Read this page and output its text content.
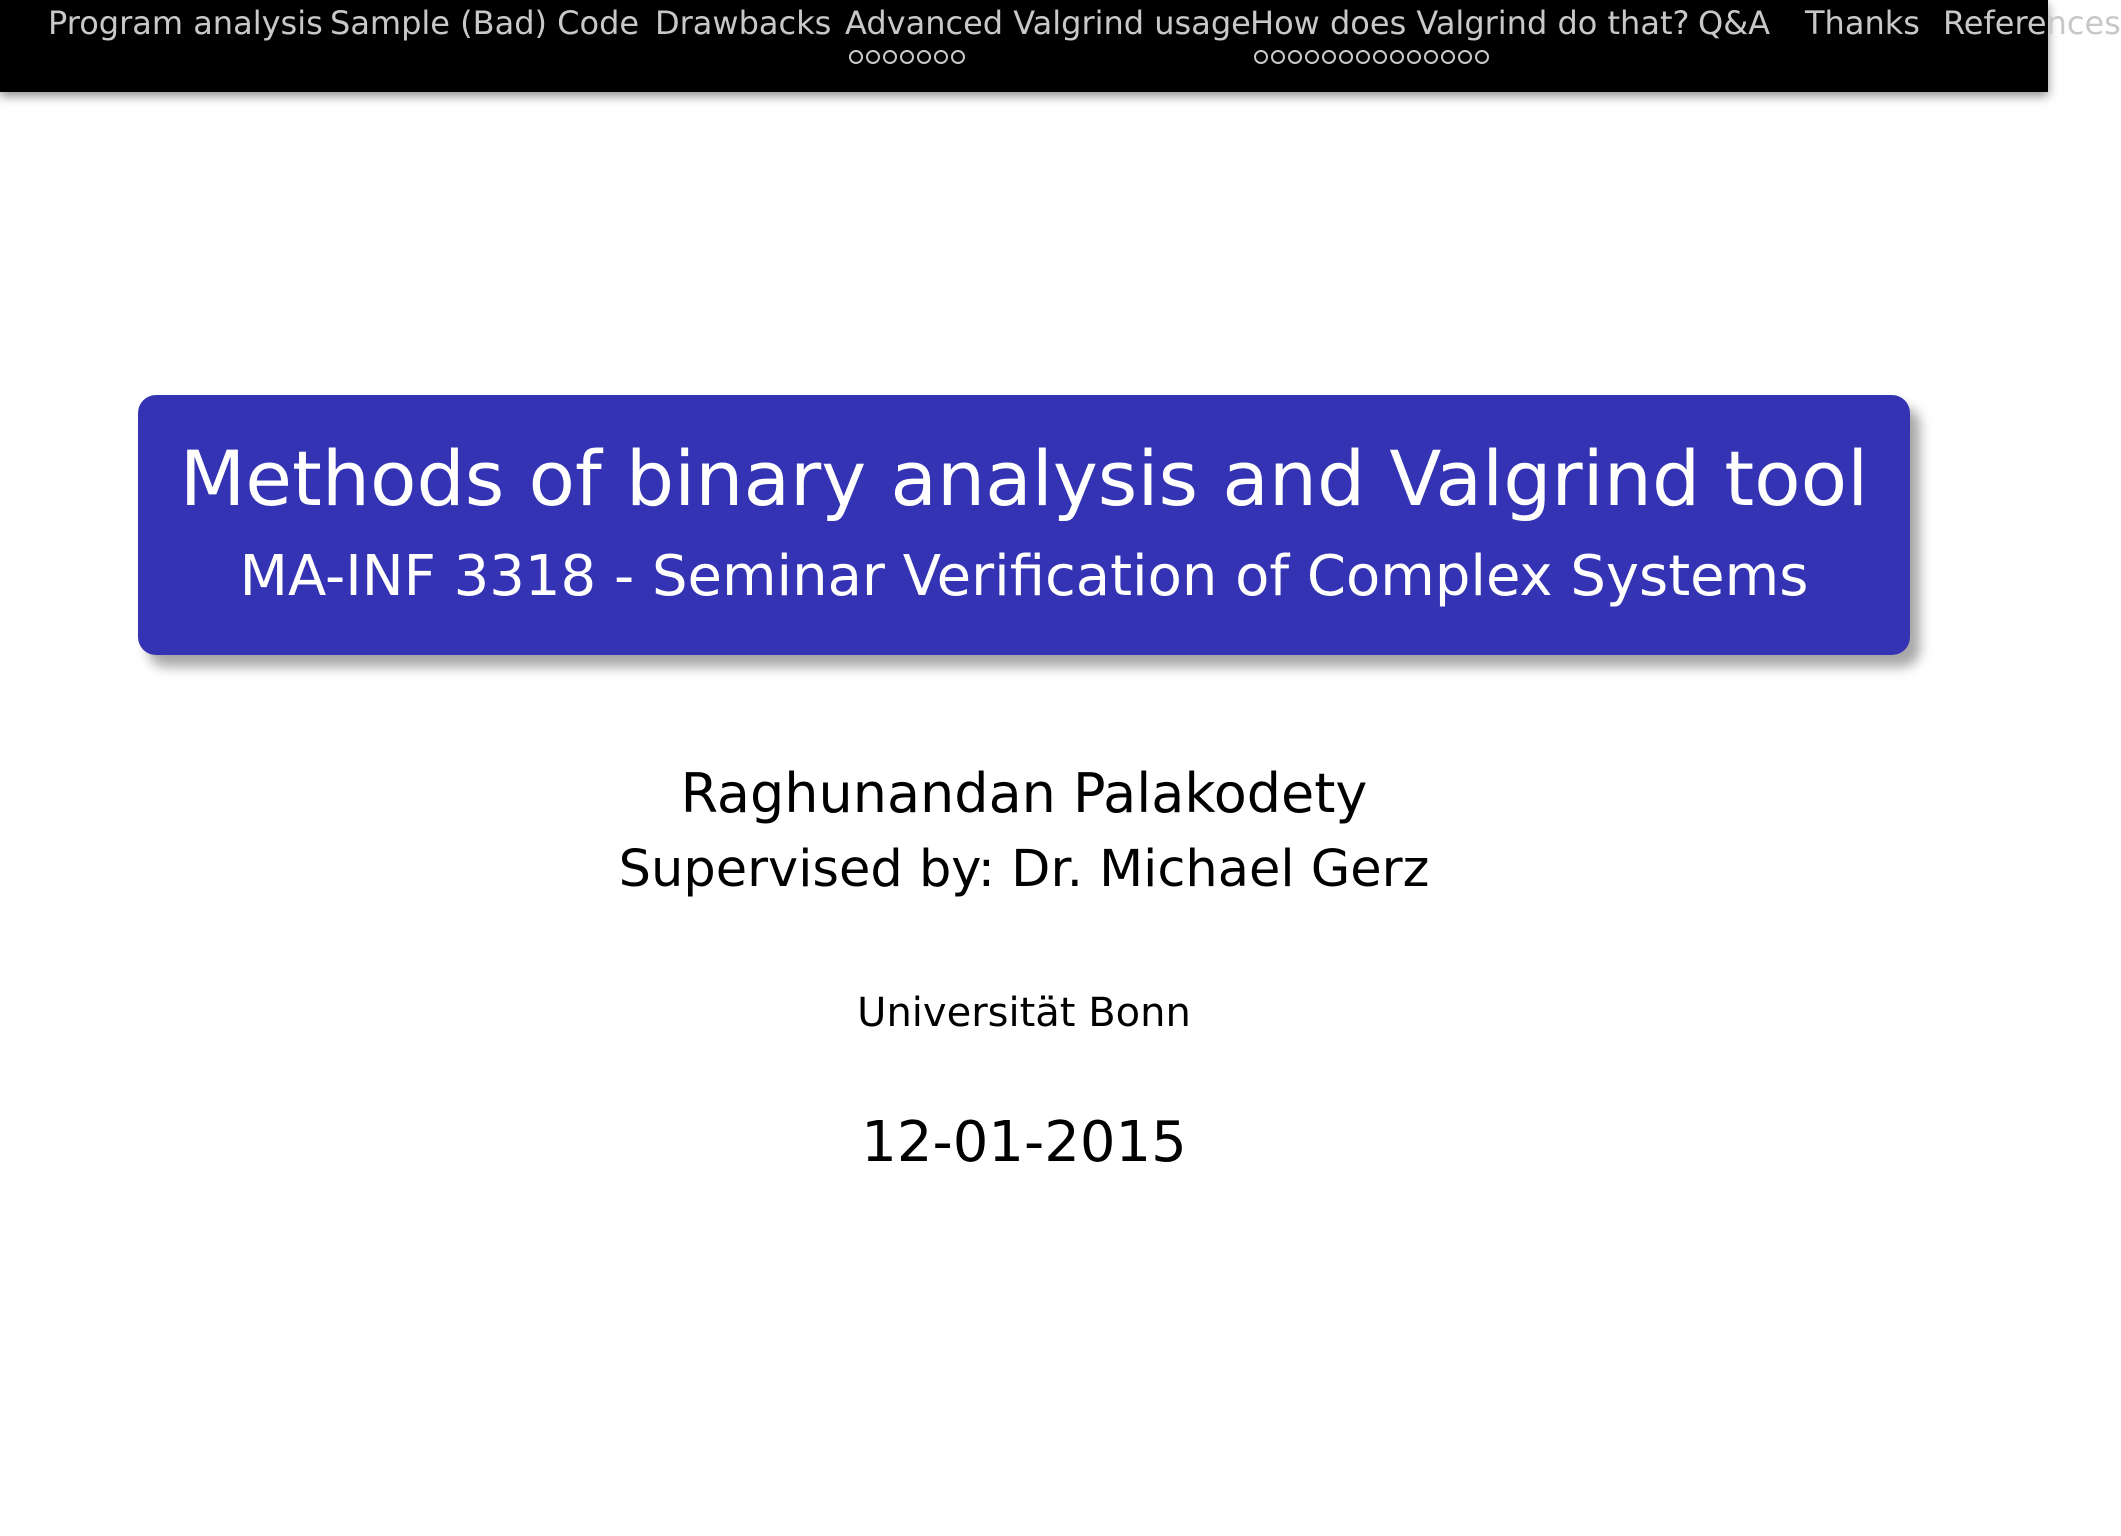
Program analysis Sample (Bad) Code Drawbacks Advanced Valgrind usage How does Valgrind do that? Q&A Thanks References
Methods of binary analysis and Valgrind tool
MA-INF 3318 - Seminar Verification of Complex Systems
Raghunandan Palakodety
Supervised by: Dr. Michael Gerz
Universität Bonn
12-01-2015
